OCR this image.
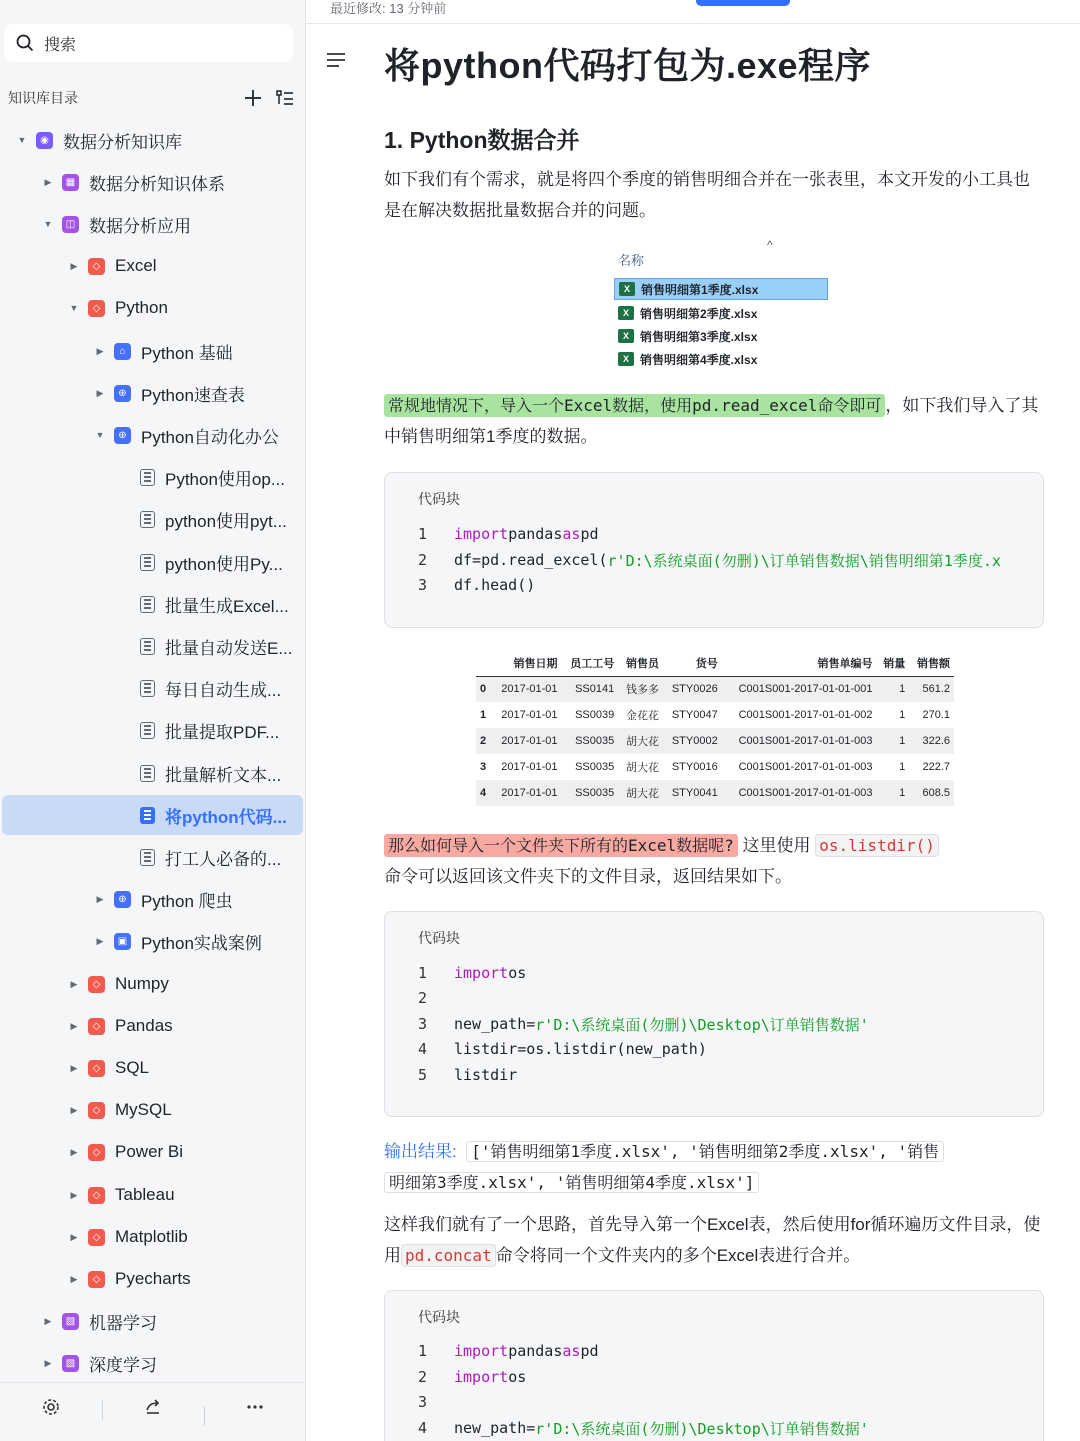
搜索
知识库目录
▼	◉ 数据分析知识库
▶	▦ 数据分析知识体系
▼	◫ 数据分析应用
▶	◇ Excel
▼	◇ Python
▶	⌂ Python 基础
▶	⊕ Python速查表
▼	⊕ Python自动化办公
Python使用op...
python使用pyt...
python使用Py...
批量生成Excel...
批量自动发送E...
每日自动生成...
批量提取PDF...
批量解析文本...
将python代码...
打工人必备的...
▶	⊕ Python 爬虫
▶	▣ Python实战案例
▶	◇ Numpy
▶	◇ Pandas
▶	◇ SQL
▶	◇ MySQL
▶	◇ Power Bi
▶	◇ Tableau
▶	◇ Matplotlib
▶	◇ Pyecharts
▶	▧ 机器学习
▶	▧ 深度学习
最近修改: 13 分钟前
将python代码打包为.exe程序
1. Python数据合并
如下我们有个需求，就是将四个季度的销售明细合并在一张表里，本文开发的小工具也是在解决数据批量数据合并的问题。
^
名称
X 销售明细第1季度.xlsx
X 销售明细第2季度.xlsx
X 销售明细第3季度.xlsx
X 销售明细第4季度.xlsx
常规地情况下，导入一个Excel数据，使用pd.read_excel命令即可 ，如下我们导入了其中销售明细第1季度的数据。
代码块
1	import pandas as pd
2	df=pd.read_excel( r'D:\系统桌面(勿删)\订单销售数据\销售明细第1季度.x
3	df.head()
	销售日期	员工工号	销售员	货号	销售单编号	销量	销售额
0	2017-01-01	SS0141	钱多多	STY0026	C001S001-2017-01-01-001	1	561.2
1	2017-01-01	SS0039	金花花	STY0047	C001S001-2017-01-01-002	1	270.1
2	2017-01-01	SS0035	胡大花	STY0002	C001S001-2017-01-01-003	1	322.6
3	2017-01-01	SS0035	胡大花	STY0016	C001S001-2017-01-01-003	1	222.7
4	2017-01-01	SS0035	胡大花	STY0041	C001S001-2017-01-01-003	1	608.5
那么如何导入一个文件夹下所有的Excel数据呢? 这里使用 os.listdir()
命令可以返回该文件夹下的文件目录，返回结果如下。
代码块
1	import os
2
3	new_path= r'D:\系统桌面(勿删)\Desktop\订单销售数据'
4	listdir=os.listdir(new_path)
5	listdir
输出结果: ['销售明细第1季度.xlsx', '销售明细第2季度.xlsx', '销售
明细第3季度.xlsx', '销售明细第4季度.xlsx']
这样我们就有了一个思路，首先导入第一个Excel表，然后使用for循环遍历文件目录，使用 pd.concat 命令将同一个文件夹内的多个Excel表进行合并。
代码块
1	import pandas as pd
2	import os
3
4	new_path= r'D:\系统桌面(勿删)\Desktop\订单销售数据'
